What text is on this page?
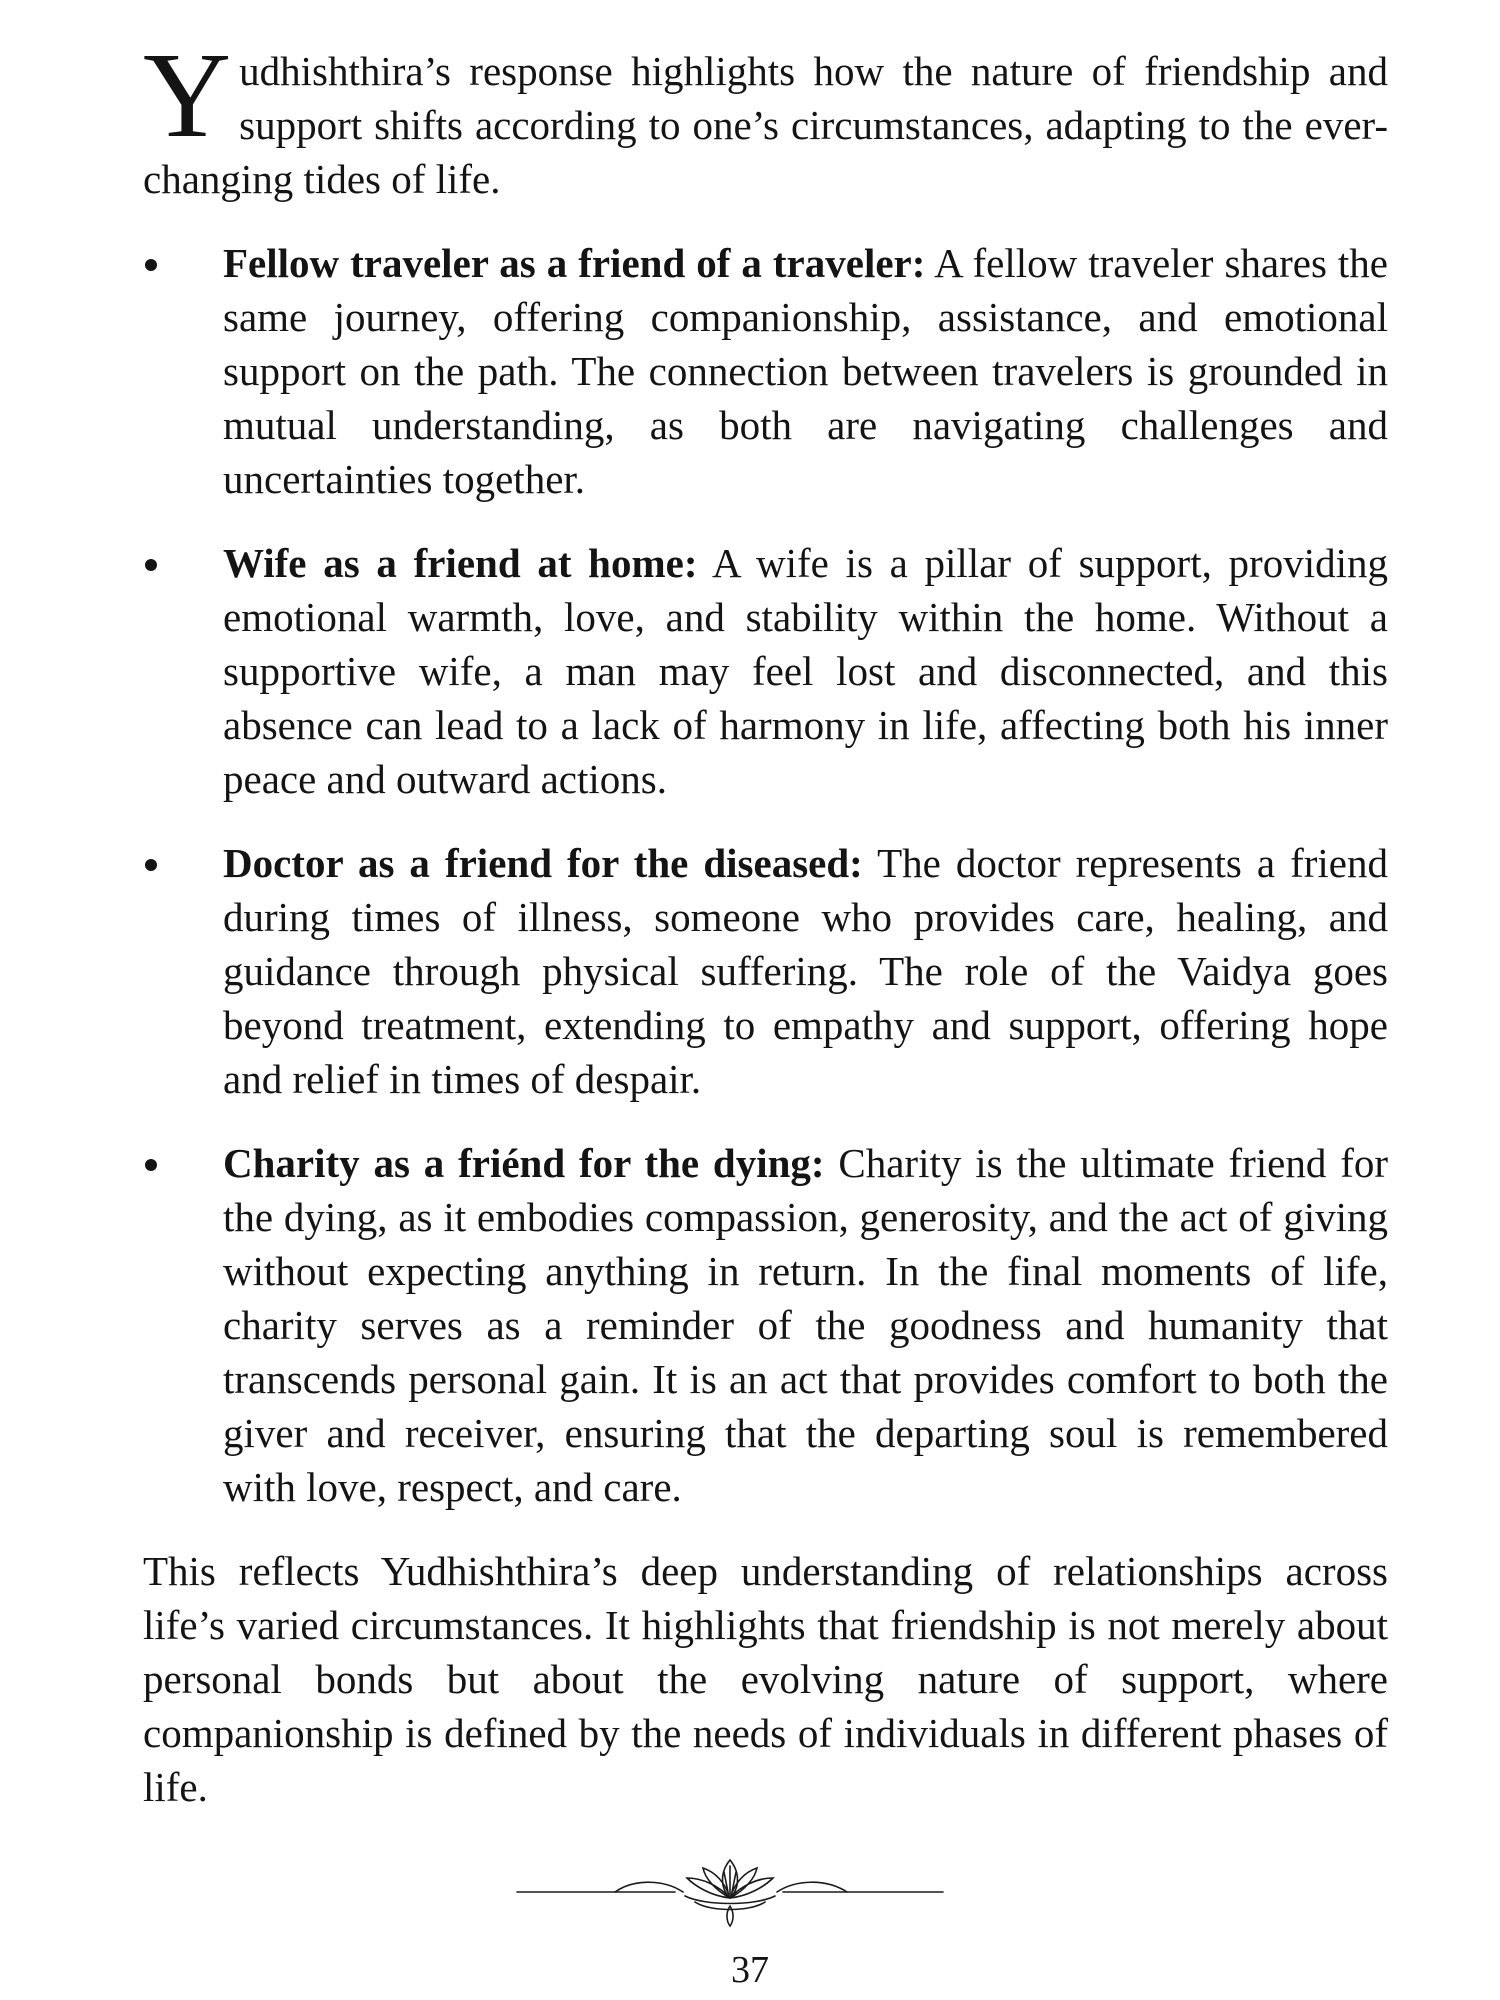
Yudhishthira’s response highlights how the nature of friendship and support shifts according to one’s circumstances, adapting to the ever-changing tides of life.

Fellow traveler as a friend of a traveler: A fellow traveler shares the same journey, offering companionship, assistance, and emotional support on the path. The connection between travelers is grounded in mutual understanding, as both are navigating challenges and uncertainties together.
Wife as a friend at home: A wife is a pillar of support, providing emotional warmth, love, and stability within the home. Without a supportive wife, a man may feel lost and disconnected, and this absence can lead to a lack of harmony in life, affecting both his inner peace and outward actions.
Doctor as a friend for the diseased: The doctor represents a friend during times of illness, someone who provides care, healing, and guidance through physical suffering. The role of the Vaidya goes beyond treatment, extending to empathy and support, offering hope and relief in times of despair.
Charity as a friénd for the dying: Charity is the ultimate friend for the dying, as it embodies compassion, generosity, and the act of giving without expecting anything in return. In the final moments of life, charity serves as a reminder of the goodness and humanity that transcends personal gain. It is an act that provides comfort to both the giver and receiver, ensuring that the departing soul is remembered with love, respect, and care.

This reflects Yudhishthira’s deep understanding of relationships across life’s varied circumstances. It highlights that friendship is not merely about personal bonds but about the evolving nature of support, where companionship is defined by the needs of individuals in different phases of life.

37
